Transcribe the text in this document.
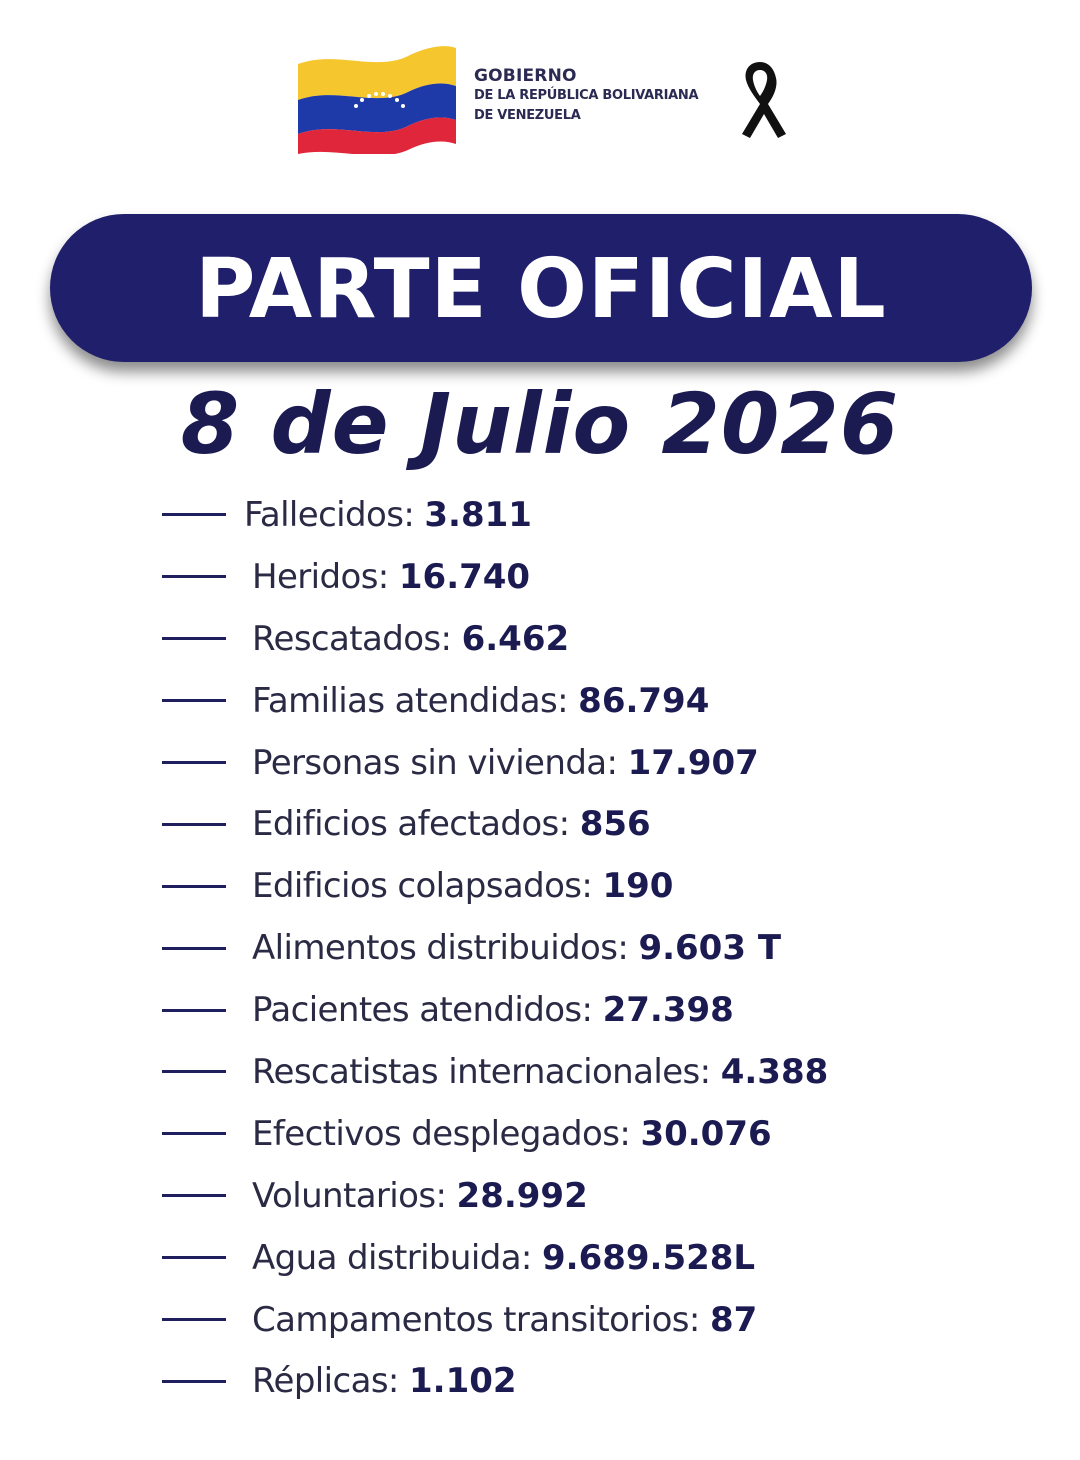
GOBIERNO
DE LA REPÚBLICA BOLIVARIANA
DE VENEZUELA
PARTE OFICIAL
8 de Julio 2026
Fallecidos: 3.811
Heridos: 16.740
Rescatados: 6.462
Familias atendidas: 86.794
Personas sin vivienda: 17.907
Edificios afectados: 856
Edificios colapsados: 190
Alimentos distribuidos: 9.603 T
Pacientes atendidos: 27.398
Rescatistas internacionales: 4.388
Efectivos desplegados: 30.076
Voluntarios: 28.992
Agua distribuida: 9.689.528L
Campamentos transitorios: 87
Réplicas: 1.102
